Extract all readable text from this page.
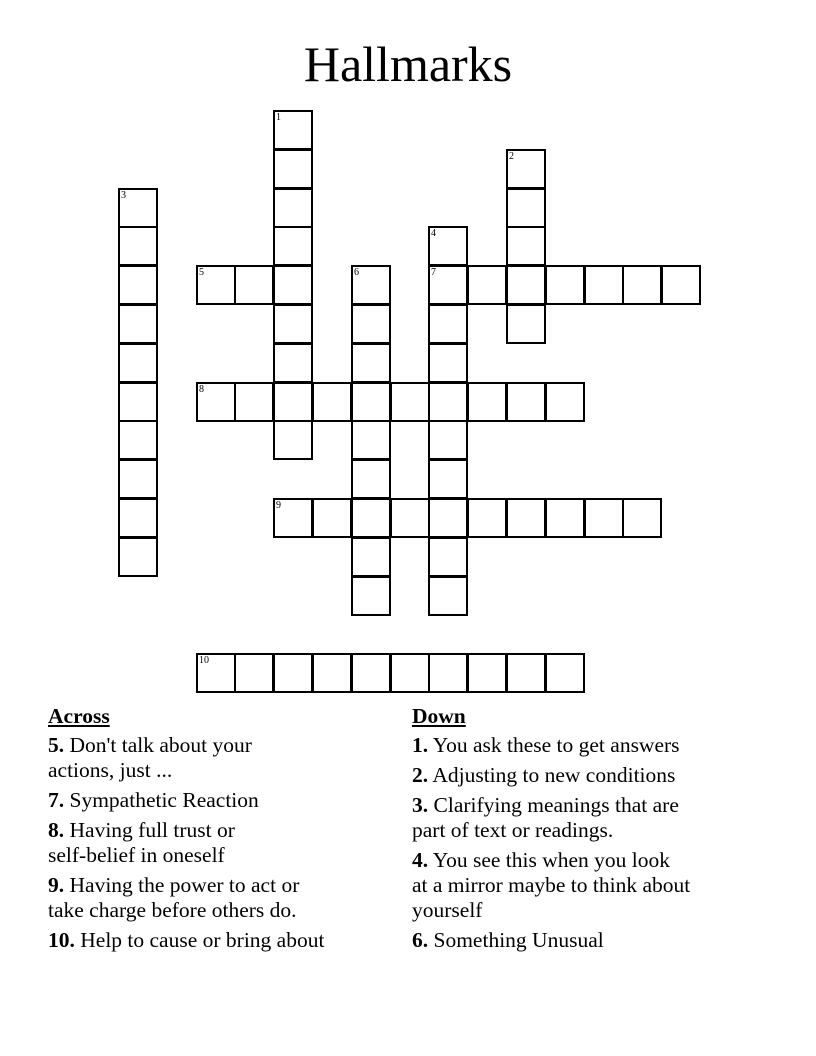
Hallmarks
1
2
3
4
7
5	6
8
9
10
Across
5. Don't talk about your
actions, just ...
7. Sympathetic Reaction
8. Having full trust or
self-belief in oneself
9. Having the power to act or
take charge before others do.
10. Help to cause or bring about
Down
1. You ask these to get answers
2. Adjusting to new conditions
3. Clarifying meanings that are
part of text or readings.
4. You see this when you look
at a mirror maybe to think about
yourself
6. Something Unusual
